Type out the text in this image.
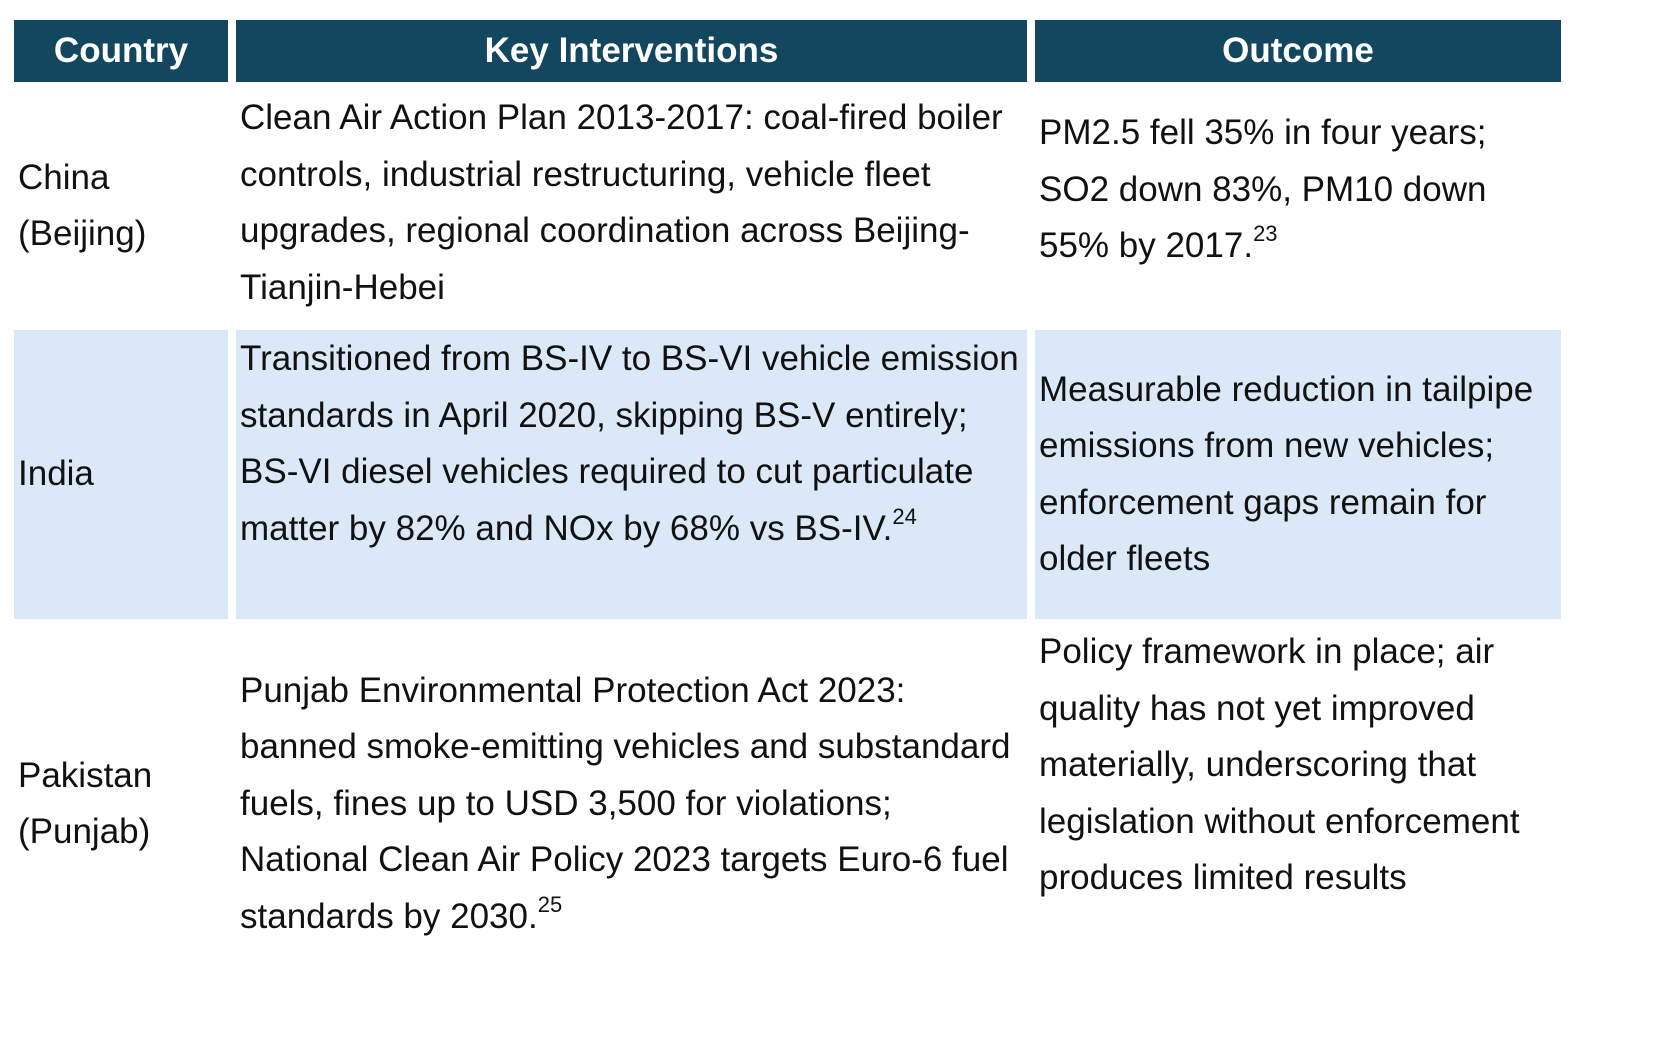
Country	Key Interventions	Outcome
China (Beijing)
Clean Air Action Plan 2013-2017: coal-fired boiler controls, industrial restructuring, vehicle fleet upgrades, regional coordination across Beijing-Tianjin-Hebei
PM2.5 fell 35% in four years; SO2 down 83%, PM10 down 55% by 2017.23
India
Transitioned from BS-IV to BS-VI vehicle emission standards in April 2020, skipping BS-V entirely; BS-VI diesel vehicles required to cut particulate matter by 82% and NOx by 68% vs BS-IV.$^{24}$
Measurable reduction in tailpipe emissions from new vehicles; enforcement gaps remain for older fleets
Pakistan (Punjab)
Punjab Environmental Protection Act 2023: banned smoke-emitting vehicles and substandard fuels, fines up to USD 3,500 for violations; National Clean Air Policy 2023 targets Euro-6 fuel standards by 2030.25
Policy framework in place; air quality has not yet improved materially, underscoring that legislation without enforcement produces limited results
